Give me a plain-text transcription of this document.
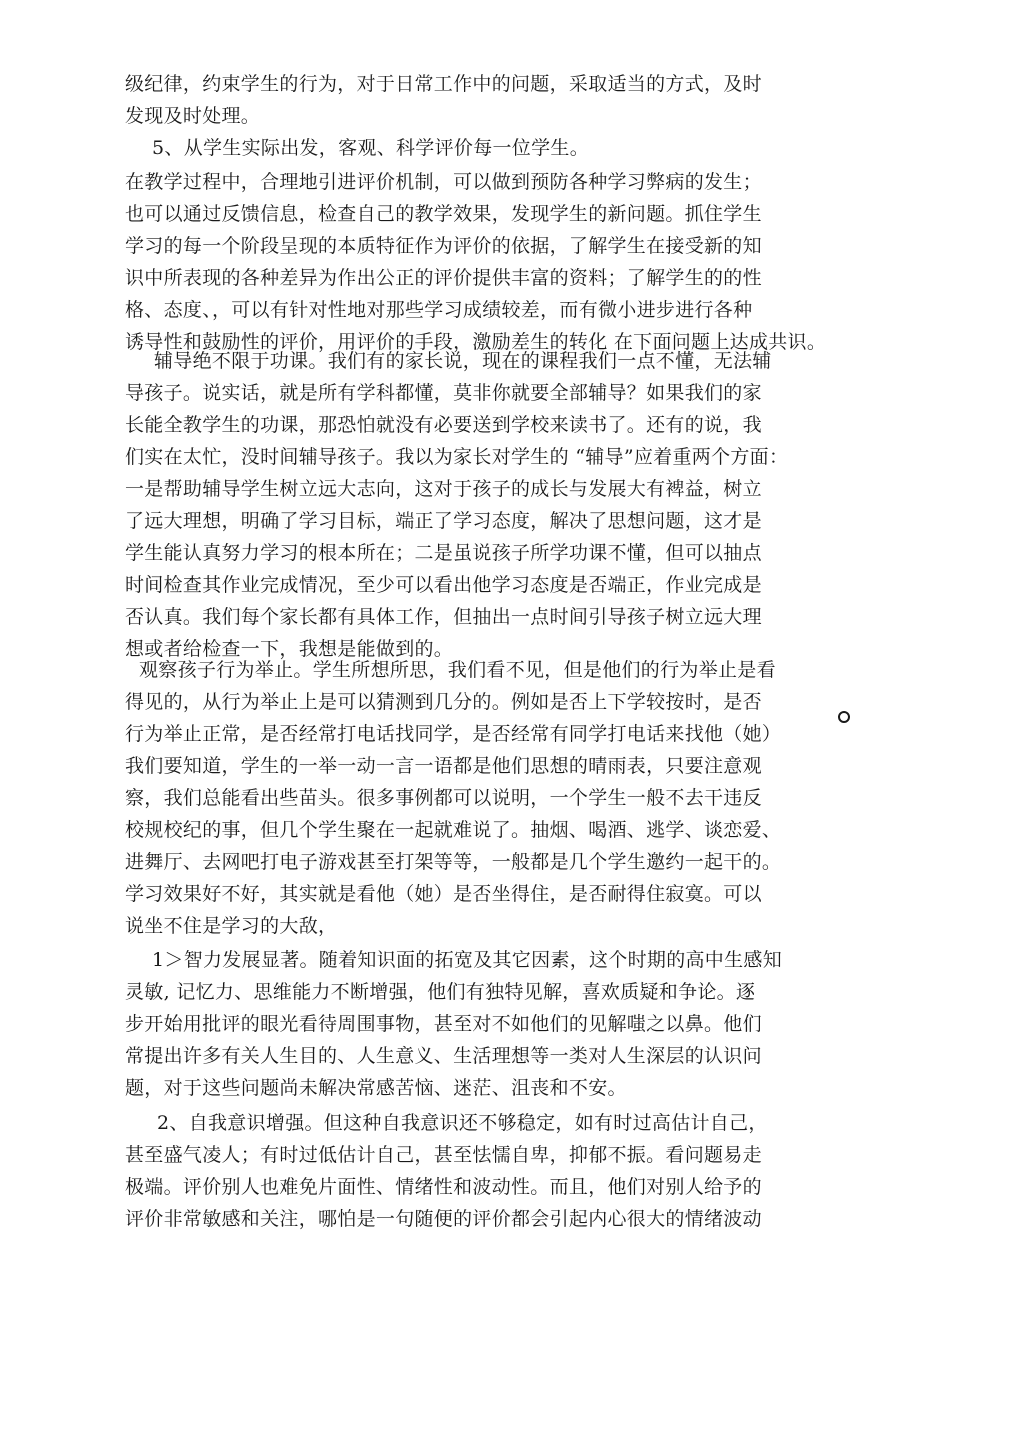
级纪律，约束学生的行为，对于日常工作中的问题，采取适当的方式，及时
发现及时处理。
5、从学生实际出发，客观、科学评价每一位学生。
在教学过程中，合理地引进评价机制，可以做到预防各种学习弊病的发生；
也可以通过反馈信息，检查自己的教学效果，发现学生的新问题。抓住学生
学习的每一个阶段呈现的本质特征作为评价的依据，了解学生在接受新的知
识中所表现的各种差异为作出公正的评价提供丰富的资料；了解学生的的性
格、态度、，可以有针对性地对那些学习成绩较差，而有微小进步进行各种
诱导性和鼓励性的评价，用评价的手段，激励差生的转化 在下面问题上达成共识。
辅导绝不限于功课。我们有的家长说，现在的课程我们一点不懂，无法辅
导孩子。说实话，就是所有学科都懂，莫非你就要全部辅导？如果我们的家
长能全教学生的功课，那恐怕就没有必要送到学校来读书了。还有的说，我
们实在太忙，没时间辅导孩子。我以为家长对学生的 “辅导”应着重两个方面：
一是帮助辅导学生树立远大志向，这对于孩子的成长与发展大有裨益，树立
了远大理想，明确了学习目标，端正了学习态度，解决了思想问题，这才是
学生能认真努力学习的根本所在；二是虽说孩子所学功课不懂，但可以抽点
时间检查其作业完成情况，至少可以看出他学习态度是否端正，作业完成是
否认真。我们每个家长都有具体工作，但抽出一点时间引导孩子树立远大理
想或者给检查一下，我想是能做到的。
观察孩子行为举止。学生所想所思，我们看不见，但是他们的行为举止是看
得见的，从行为举止上是可以猜测到几分的。例如是否上下学较按时，是否
行为举止正常，是否经常打电话找同学，是否经常有同学打电话来找他（她）
我们要知道，学生的一举一动一言一语都是他们思想的晴雨表，只要注意观
察，我们总能看出些苗头。很多事例都可以说明，一个学生一般不去干违反
校规校纪的事，但几个学生聚在一起就难说了。抽烟、喝酒、逃学、谈恋爱、
进舞厅、去网吧打电子游戏甚至打架等等，一般都是几个学生邀约一起干的。
学习效果好不好，其实就是看他（她）是否坐得住，是否耐得住寂寞。可以
说坐不住是学习的大敌，
1＞智力发展显著。随着知识面的拓宽及其它因素，这个时期的高中生感知
灵敏, 记忆力、思维能力不断增强，他们有独特见解，喜欢质疑和争论。逐
步开始用批评的眼光看待周围事物，甚至对不如他们的见解嗤之以鼻。他们
常提出许多有关人生目的、人生意义、生活理想等一类对人生深层的认识问
题，对于这些问题尚未解决常感苦恼、迷茫、沮丧和不安。
2、自我意识增强。但这种自我意识还不够稳定，如有时过高估计自己，
甚至盛气凌人；有时过低估计自己，甚至怯懦自卑，抑郁不振。看问题易走
极端。评价别人也难免片面性、情绪性和波动性。而且，他们对别人给予的
评价非常敏感和关注，哪怕是一句随便的评价都会引起内心很大的情绪波动
